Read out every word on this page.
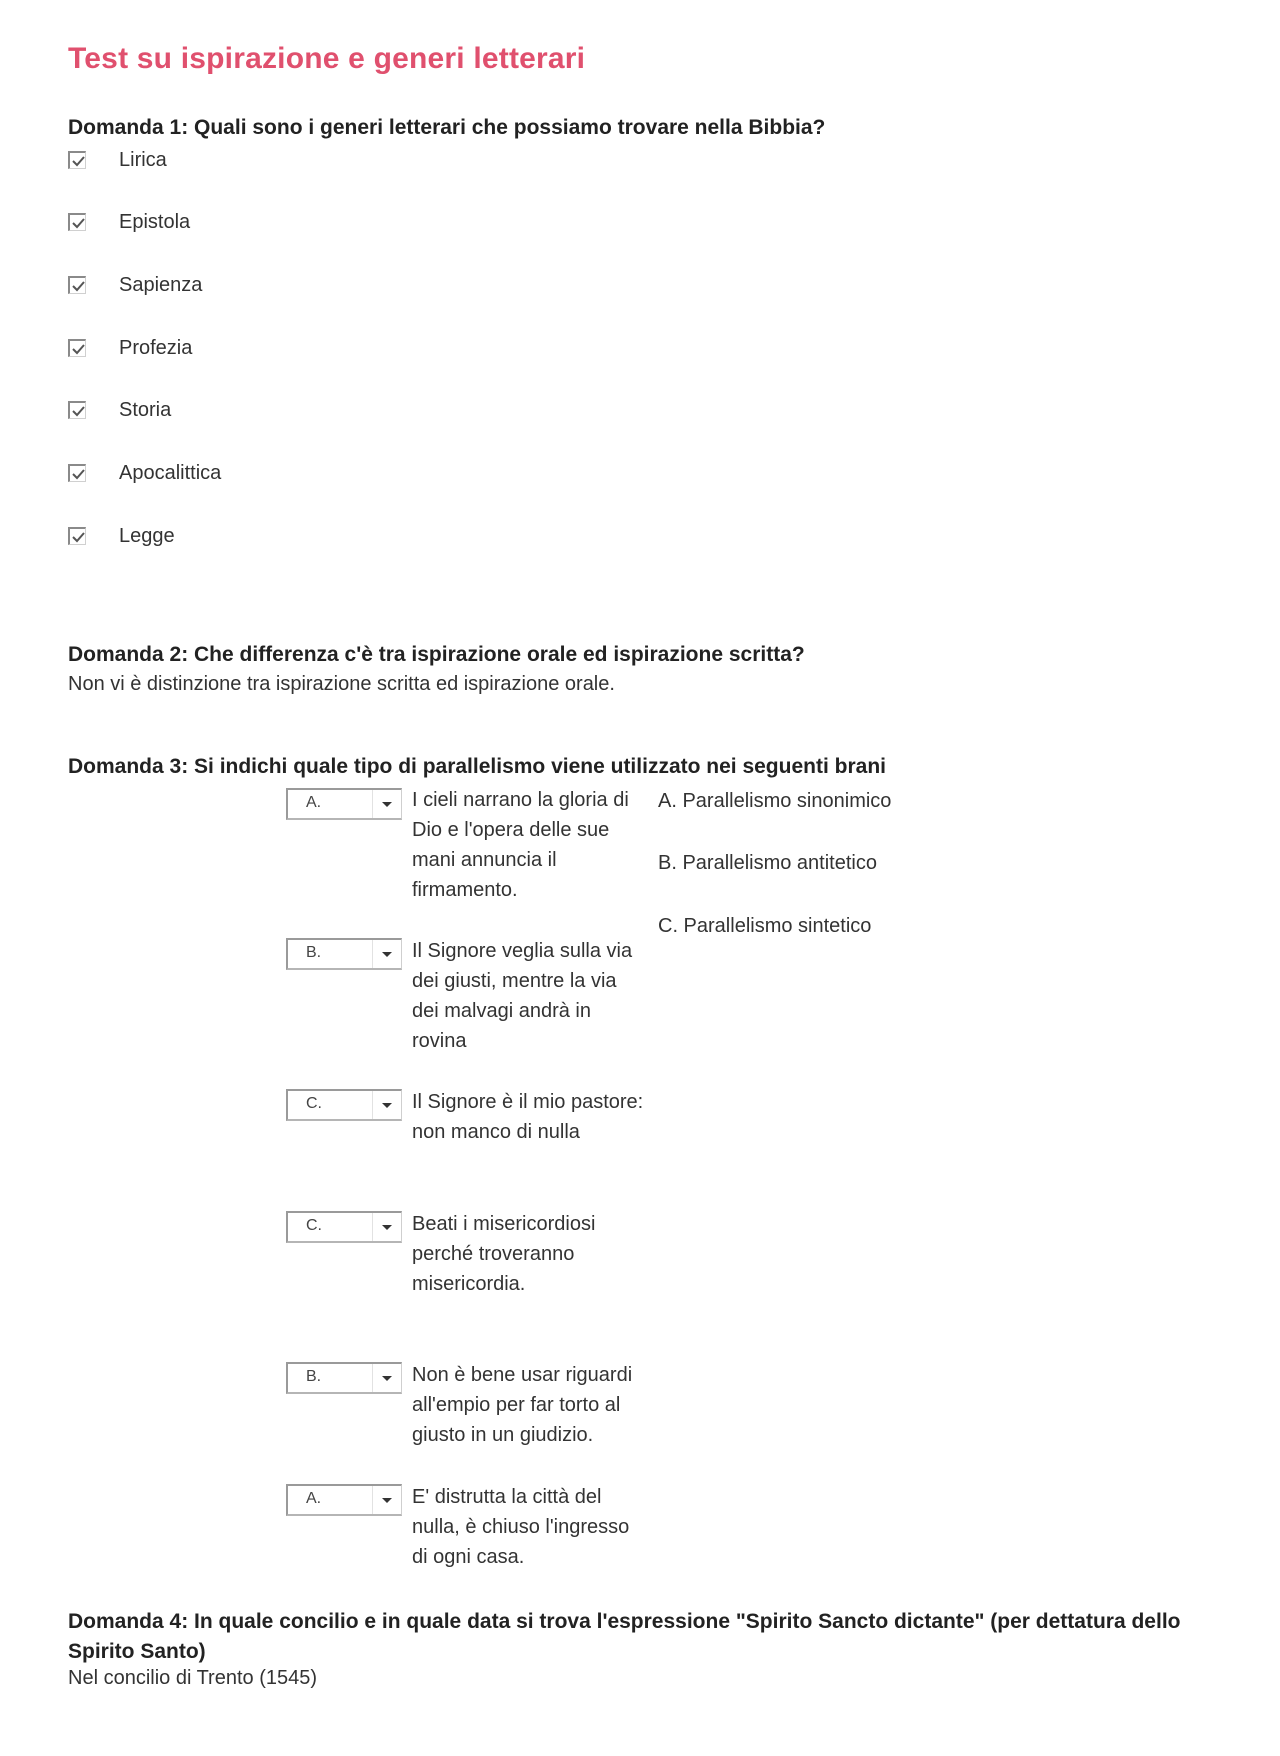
Test su ispirazione e generi letterari
Domanda 1: Quali sono i generi letterari che possiamo trovare nella Bibbia?
Lirica
Epistola
Sapienza
Profezia
Storia
Apocalittica
Legge
Domanda 2: Che differenza c'è tra ispirazione orale ed ispirazione scritta?
Non vi è distinzione tra ispirazione scritta ed ispirazione orale.
Domanda 3: Si indichi quale tipo di parallelismo viene utilizzato nei seguenti brani
A. Parallelismo sinonimico
B. Parallelismo antitetico
C. Parallelismo sintetico
A.	I cieli narrano la gloria di Dio e l'opera delle sue mani annuncia il firmamento.
B.	Il Signore veglia sulla via dei giusti, mentre la via dei malvagi andrà in rovina
C.	Il Signore è il mio pastore: non manco di nulla
C.	Beati i misericordiosi perché troveranno misericordia.
B.	Non è bene usar riguardi all'empio per far torto al giusto in un giudizio.
A.	E' distrutta la città del nulla, è chiuso l'ingresso di ogni casa.
Domanda 4: In quale concilio e in quale data si trova l'espressione "Spirito Sancto dictante" (per dettatura dello Spirito Santo)
Nel concilio di Trento (1545)
